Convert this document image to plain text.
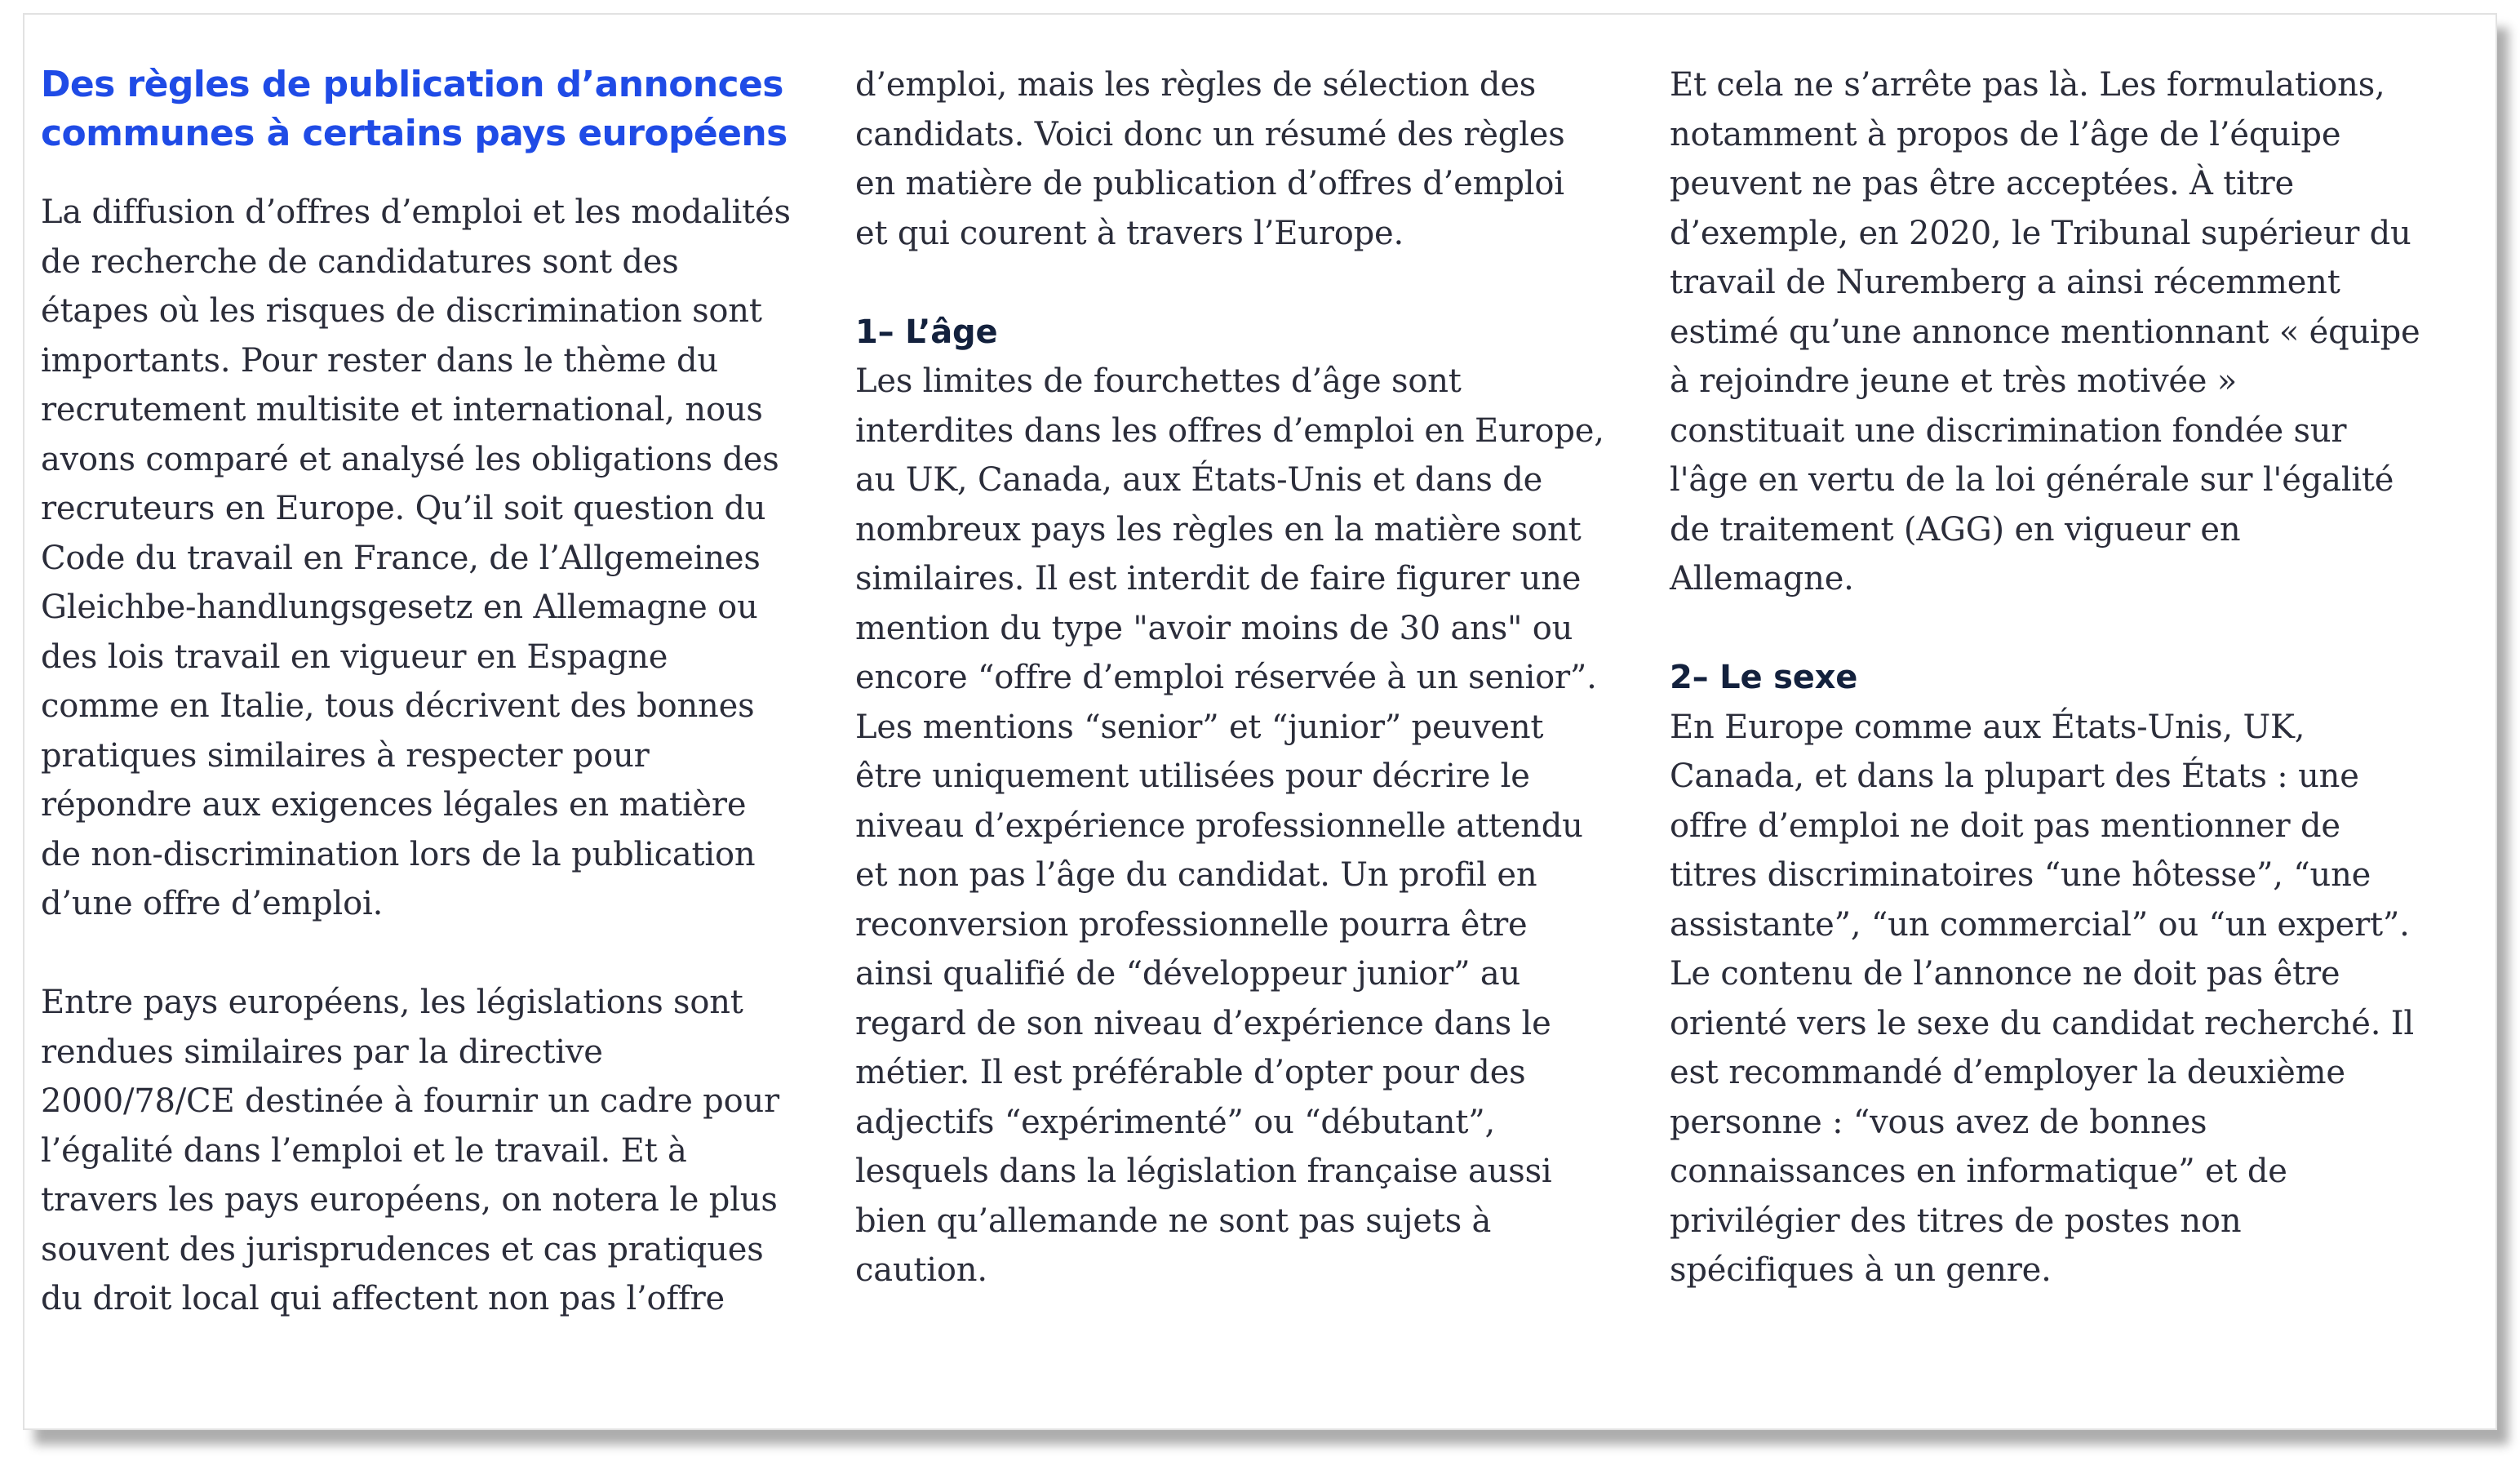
Des règles de publication d’annonces communes à certains pays européens

La diffusion d’offres d’emploi et les modalités de recherche de candidatures sont des étapes où les risques de discrimination sont importants. Pour rester dans le thème du recrutement multisite et international, nous avons comparé et analysé les obligations des recruteurs en Europe. Qu’il soit question du Code du travail en France, de l’Allgemeines Gleichbe-handlungsgesetz en Allemagne ou des lois travail en vigueur en Espagne comme en Italie, tous décrivent des bonnes pratiques similaires à respecter pour répondre aux exigences légales en matière de non-discrimination lors de la publication d’une offre d’emploi.

Entre pays européens, les législations sont rendues similaires par la directive 2000/78/CE destinée à fournir un cadre pour l’égalité dans l’emploi et le travail. Et à travers les pays européens, on notera le plus souvent des jurisprudences et cas pratiques du droit local qui affectent non pas l’offre

d’emploi, mais les règles de sélection des candidats. Voici donc un résumé des règles en matière de publication d’offres d’emploi et qui courent à travers l’Europe.

1– L’âge

Les limites de fourchettes d’âge sont interdites dans les offres d’emploi en Europe, au UK, Canada, aux États-Unis et dans de nombreux pays les règles en la matière sont similaires. Il est interdit de faire figurer une mention du type "avoir moins de 30 ans" ou encore “offre d’emploi réservée à un senior”. Les mentions “senior” et “junior” peuvent être uniquement utilisées pour décrire le niveau d’expérience professionnelle attendu et non pas l’âge du candidat. Un profil en reconversion professionnelle pourra être ainsi qualifié de “développeur junior” au regard de son niveau d’expérience dans le métier. Il est préférable d’opter pour des adjectifs “expérimenté” ou “débutant”, lesquels dans la législation française aussi bien qu’allemande ne sont pas sujets à caution.

Et cela ne s’arrête pas là. Les formulations, notamment à propos de l’âge de l’équipe peuvent ne pas être acceptées. À titre d’exemple, en 2020, le Tribunal supérieur du travail de Nuremberg a ainsi récemment estimé qu’une annonce mentionnant « équipe à rejoindre jeune et très motivée » constituait une discrimination fondée sur l'âge en vertu de la loi générale sur l'égalité de traitement (AGG) en vigueur en Allemagne.

2– Le sexe

En Europe comme aux États-Unis, UK, Canada, et dans la plupart des États : une offre d’emploi ne doit pas mentionner de titres discriminatoires “une hôtesse”, “une assistante”, “un commercial” ou “un expert”. Le contenu de l’annonce ne doit pas être orienté vers le sexe du candidat recherché. Il est recommandé d’employer la deuxième personne : “vous avez de bonnes connaissances en informatique” et de privilégier des titres de postes non spécifiques à un genre.
